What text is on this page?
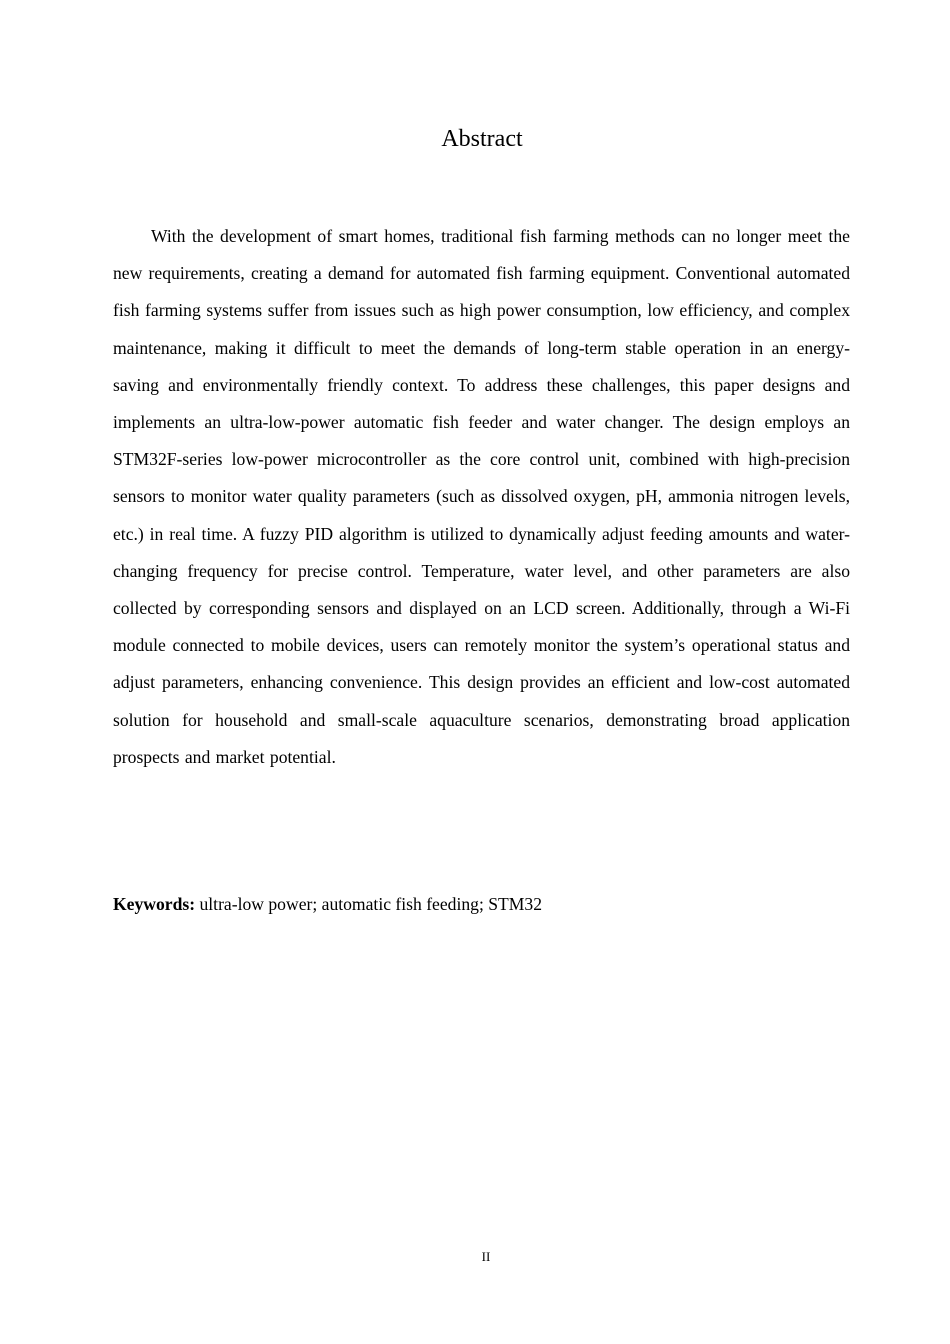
Abstract

With the development of smart homes, traditional fish farming methods can no longer meet the new requirements, creating a demand for automated fish farming equipment. Conventional automated fish farming systems suffer from issues such as high power consumption, low efficiency, and complex maintenance, making it difficult to meet the demands of long-term stable operation in an energy-saving and environmentally friendly context. To address these challenges, this paper designs and implements an ultra-low-power automatic fish feeder and water changer. The design employs an STM32F-series low-power microcontroller as the core control unit, combined with high-precision sensors to monitor water quality parameters (such as dissolved oxygen, pH, ammonia nitrogen levels, etc.) in real time. A fuzzy PID algorithm is utilized to dynamically adjust feeding amounts and water-changing frequency for precise control. Temperature, water level, and other parameters are also collected by corresponding sensors and displayed on an LCD screen. Additionally, through a Wi-Fi module connected to mobile devices, users can remotely monitor the system’s operational status and adjust parameters, enhancing convenience. This design provides an efficient and low-cost automated solution for household and small-scale aquaculture scenarios, demonstrating broad application prospects and market potential.

Keywords: ultra-low power; automatic fish feeding; STM32

II
